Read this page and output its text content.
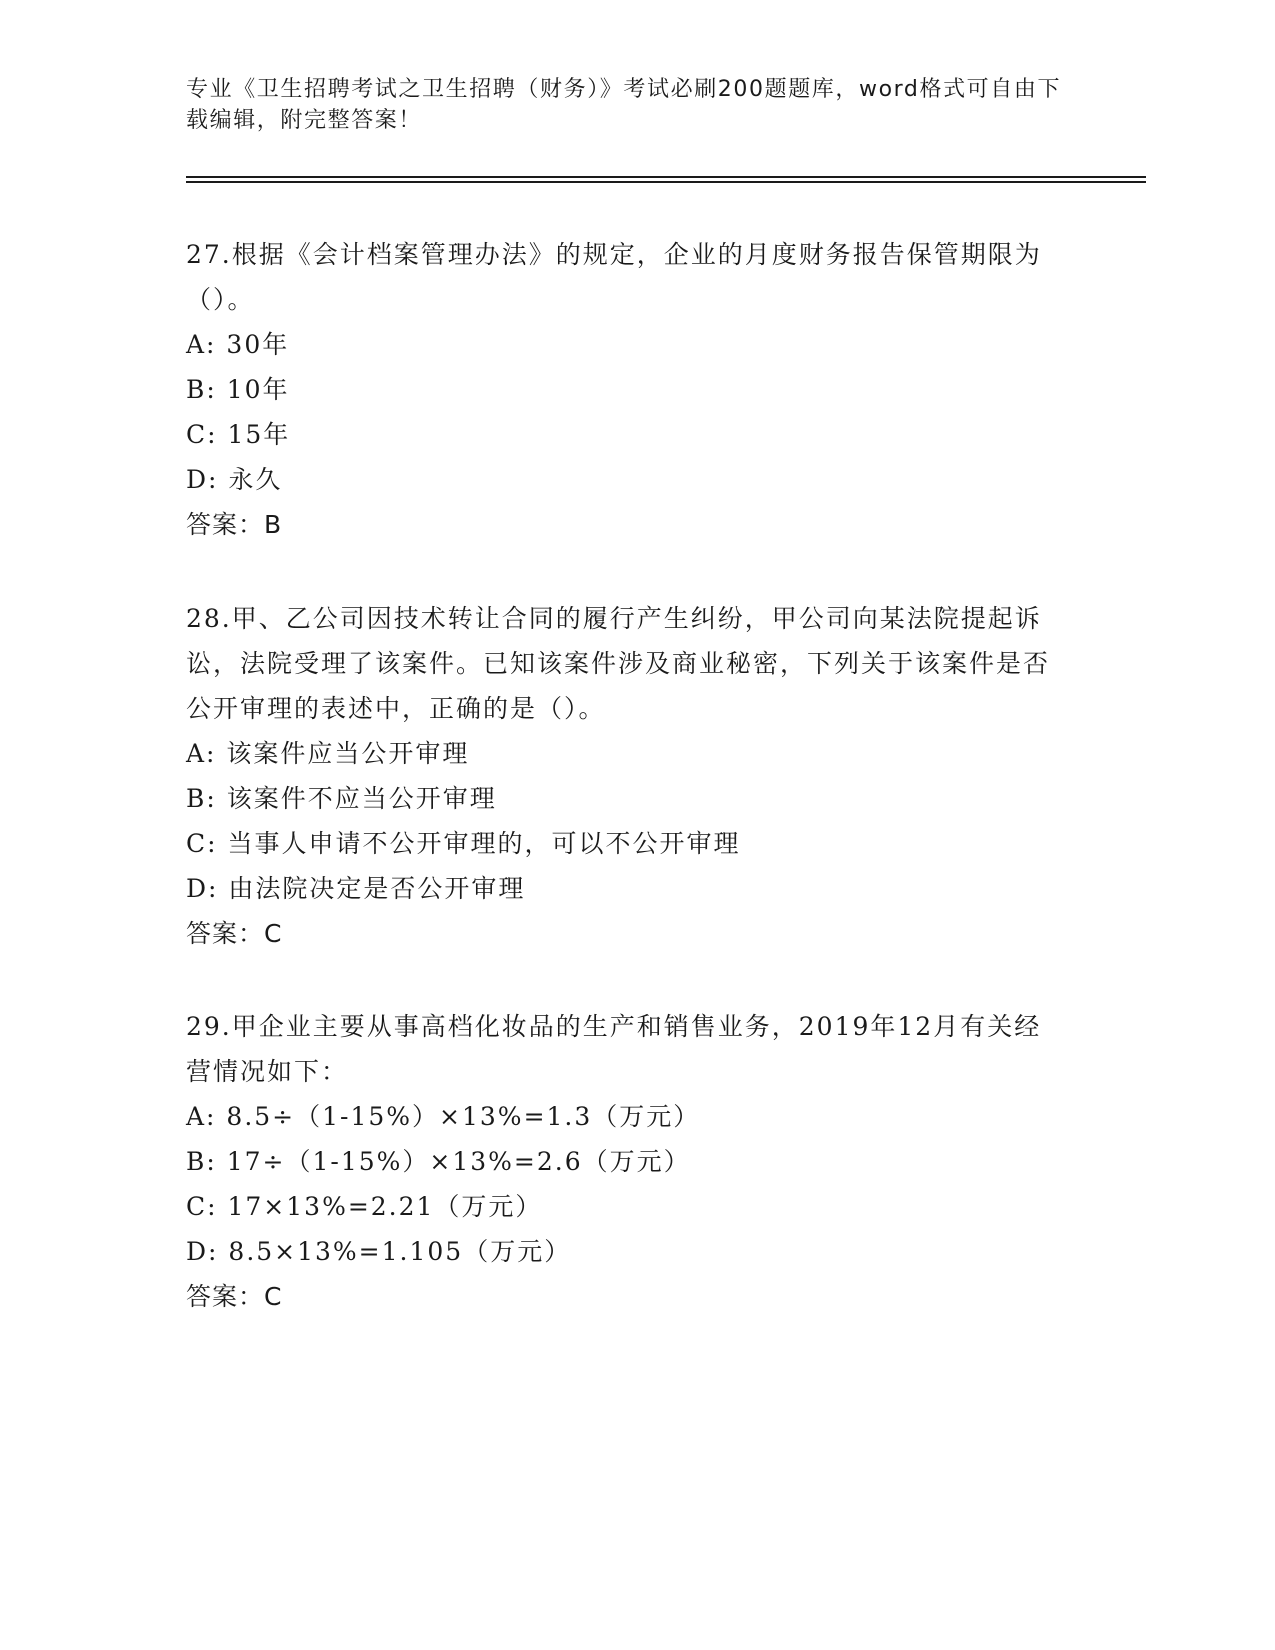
专业《卫生招聘考试之卫生招聘（财务）》考试必刷200题题库，word格式可自由下载编辑，附完整答案！
27.根据《会计档案管理办法》的规定，企业的月度财务报告保管期限为（）。
A: 30年
B: 10年
C: 15年
D: 永久
答案：B
28.甲、乙公司因技术转让合同的履行产生纠纷，甲公司向某法院提起诉讼，法院受理了该案件。已知该案件涉及商业秘密，下列关于该案件是否公开审理的表述中，正确的是（）。
A: 该案件应当公开审理
B: 该案件不应当公开审理
C: 当事人申请不公开审理的，可以不公开审理
D: 由法院决定是否公开审理
答案：C
29.甲企业主要从事高档化妆品的生产和销售业务，2019年12月有关经营情况如下：
A: 8.5÷（1-15%）×13%=1.3（万元）
B: 17÷（1-15%）×13%=2.6（万元）
C: 17×13%=2.21（万元）
D: 8.5×13%=1.105（万元）
答案：C
